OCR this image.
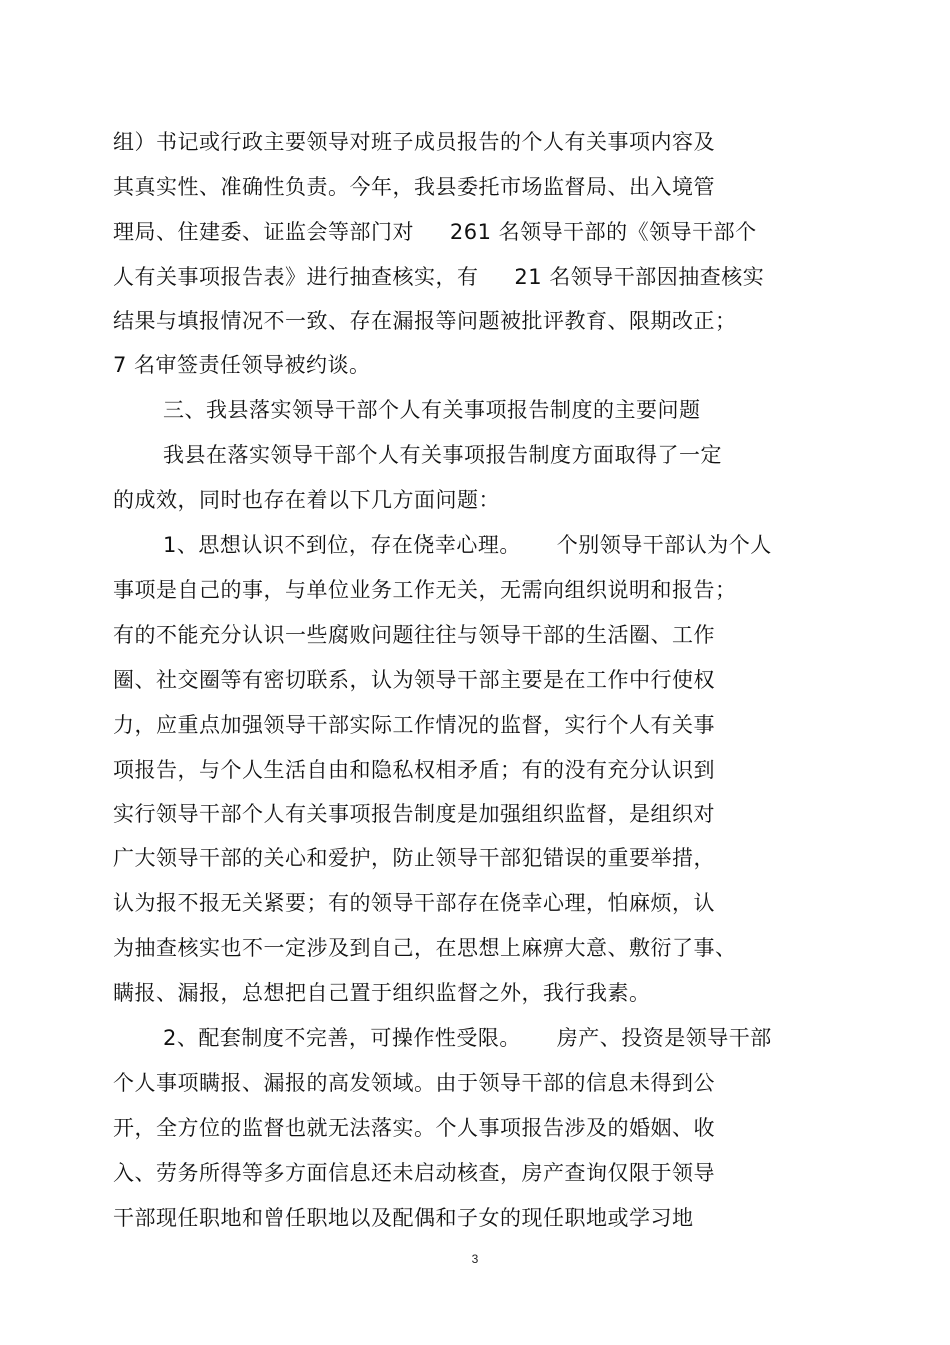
组）书记或行政主要领导对班子成员报告的个人有关事项内容及
其真实性、准确性负责。今年，我县委托市场监督局、出入境管
理局、住建委、证监会等部门对 　 261 名领导干部的《领导干部个
人有关事项报告表》进行抽查核实，有 　 21 名领导干部因抽查核实
结果与填报情况不一致、存在漏报等问题被批评教育、限期改正；
7 名审签责任领导被约谈。
三、我县落实领导干部个人有关事项报告制度的主要问题
我县在落实领导干部个人有关事项报告制度方面取得了一定
的成效，同时也存在着以下几方面问题：
1、思想认识不到位，存在侥幸心理。 　 个别领导干部认为个人
事项是自己的事，与单位业务工作无关，无需向组织说明和报告；
有的不能充分认识一些腐败问题往往与领导干部的生活圈、工作
圈、社交圈等有密切联系，认为领导干部主要是在工作中行使权
力，应重点加强领导干部实际工作情况的监督，实行个人有关事
项报告，与个人生活自由和隐私权相矛盾；有的没有充分认识到
实行领导干部个人有关事项报告制度是加强组织监督，是组织对
广大领导干部的关心和爱护，防止领导干部犯错误的重要举措，
认为报不报无关紧要；有的领导干部存在侥幸心理，怕麻烦，认
为抽查核实也不一定涉及到自己，在思想上麻痹大意、敷衍了事、
瞒报、漏报，总想把自己置于组织监督之外，我行我素。
2、配套制度不完善，可操作性受限。 　 房产、投资是领导干部
个人事项瞒报、漏报的高发领域。由于领导干部的信息未得到公
开，全方位的监督也就无法落实。个人事项报告涉及的婚姻、收
入、劳务所得等多方面信息还未启动核查，房产查询仅限于领导
干部现任职地和曾任职地以及配偶和子女的现任职地或学习地
3
